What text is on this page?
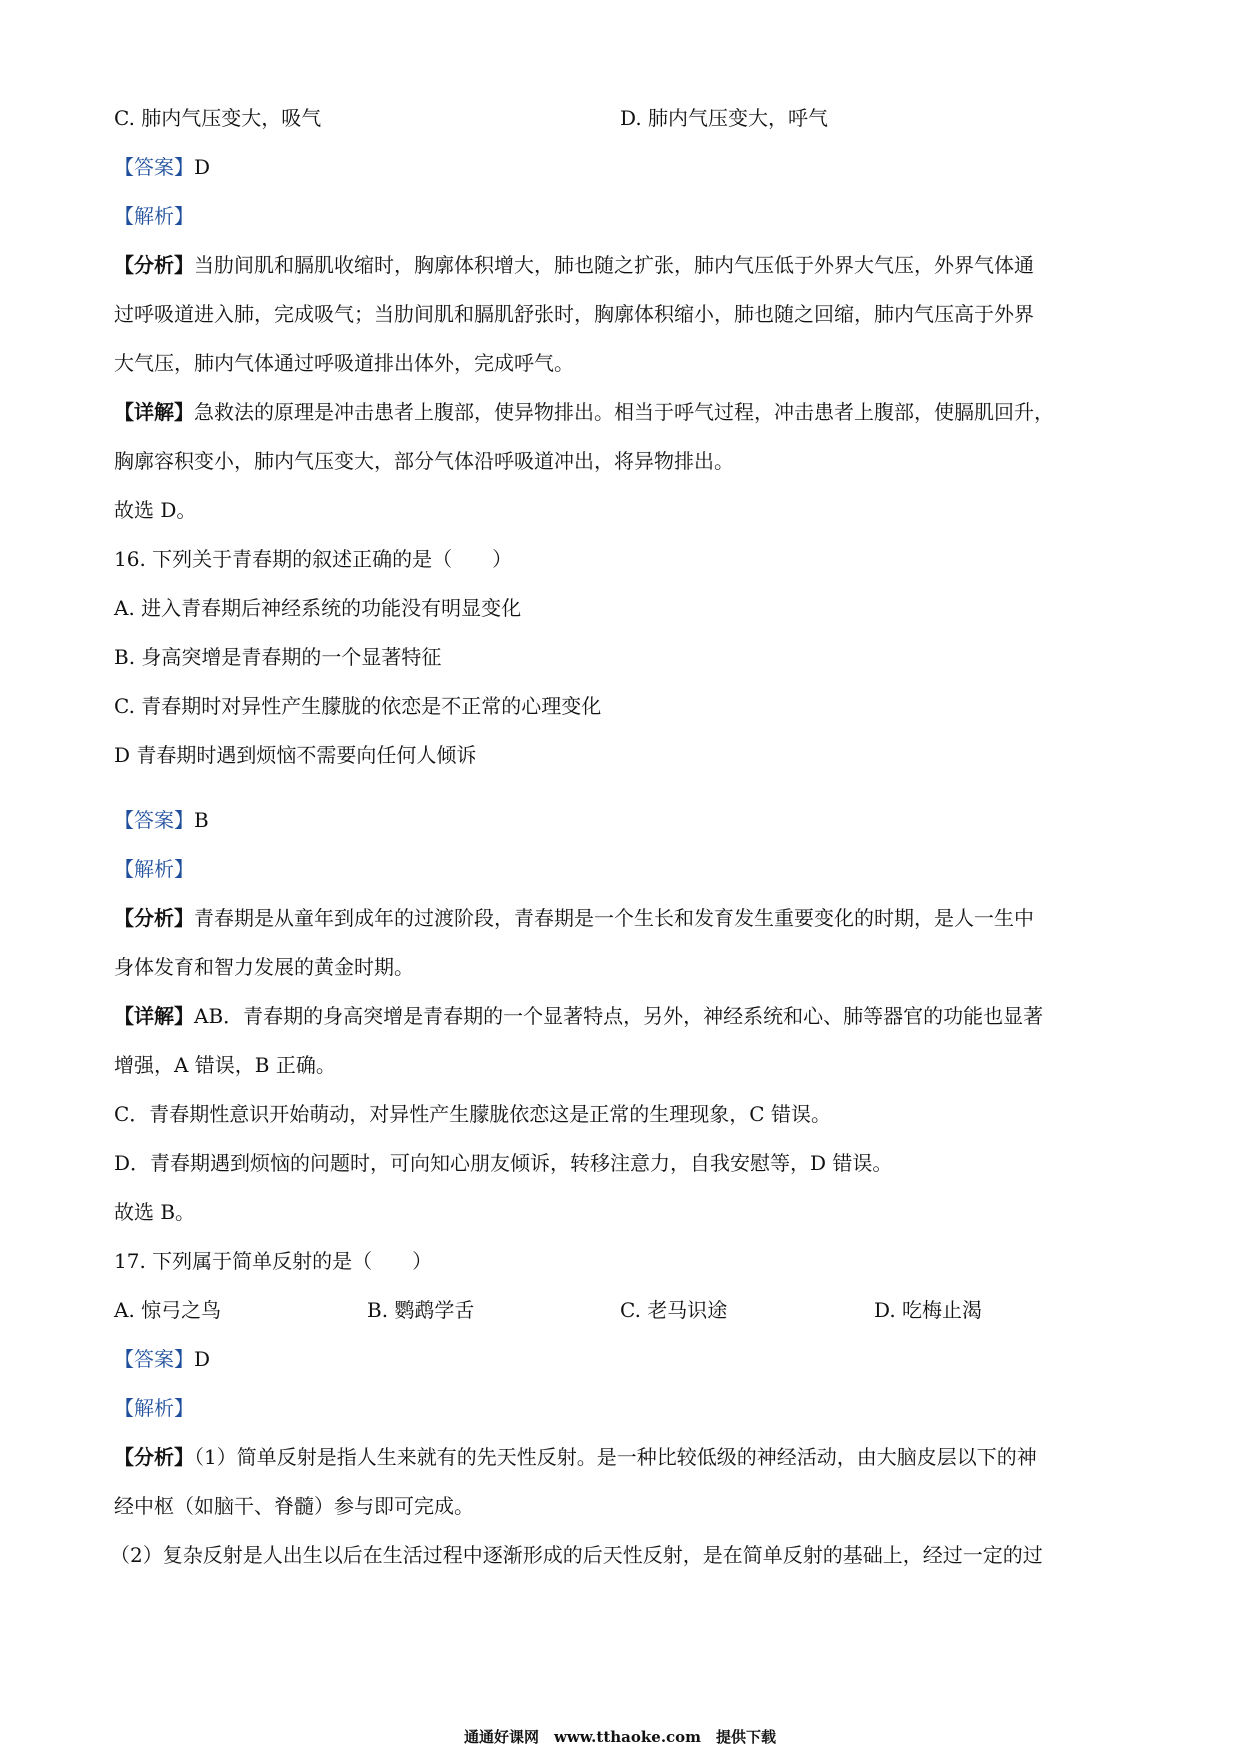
C. 肺内气压变大，吸气	D. 肺内气压变大，呼气
【答案】D
【解析】
【分析】当肋间肌和膈肌收缩时，胸廓体积增大，肺也随之扩张，肺内气压低于外界大气压，外界气体通
过呼吸道进入肺，完成吸气；当肋间肌和膈肌舒张时，胸廓体积缩小，肺也随之回缩，肺内气压高于外界
大气压，肺内气体通过呼吸道排出体外，完成呼气。
【详解】急救法的原理是冲击患者上腹部，使异物排出。相当于呼气过程，冲击患者上腹部，使膈肌回升，
胸廓容积变小，肺内气压变大，部分气体沿呼吸道冲出，将异物排出。
故选 D。
16. 下列关于青春期的叙述正确的是（　　）
A. 进入青春期后神经系统的功能没有明显变化
B. 身高突增是青春期的一个显著特征
C. 青春期时对异性产生朦胧的依恋是不正常的心理变化
D 青春期时遇到烦恼不需要向任何人倾诉
【答案】B
【解析】
【分析】青春期是从童年到成年的过渡阶段，青春期是一个生长和发育发生重要变化的时期，是人一生中
身体发育和智力发展的黄金时期。
【详解】AB．青春期的身高突增是青春期的一个显著特点，另外，神经系统和心、肺等器官的功能也显著
增强，A 错误，B 正确。
C．青春期性意识开始萌动，对异性产生朦胧依恋这是正常的生理现象，C 错误。
D．青春期遇到烦恼的问题时，可向知心朋友倾诉，转移注意力，自我安慰等，D 错误。
故选 B。
17. 下列属于简单反射的是（　　）
A. 惊弓之鸟	B. 鹦鹉学舌	C. 老马识途	D. 吃梅止渴
【答案】D
【解析】
【分析】（1）简单反射是指人生来就有的先天性反射。是一种比较低级的神经活动，由大脑皮层以下的神
经中枢（如脑干、脊髓）参与即可完成。
（2）复杂反射是人出生以后在生活过程中逐渐形成的后天性反射，是在简单反射的基础上，经过一定的过
通通好课网　www.tthaoke.com　提供下载
